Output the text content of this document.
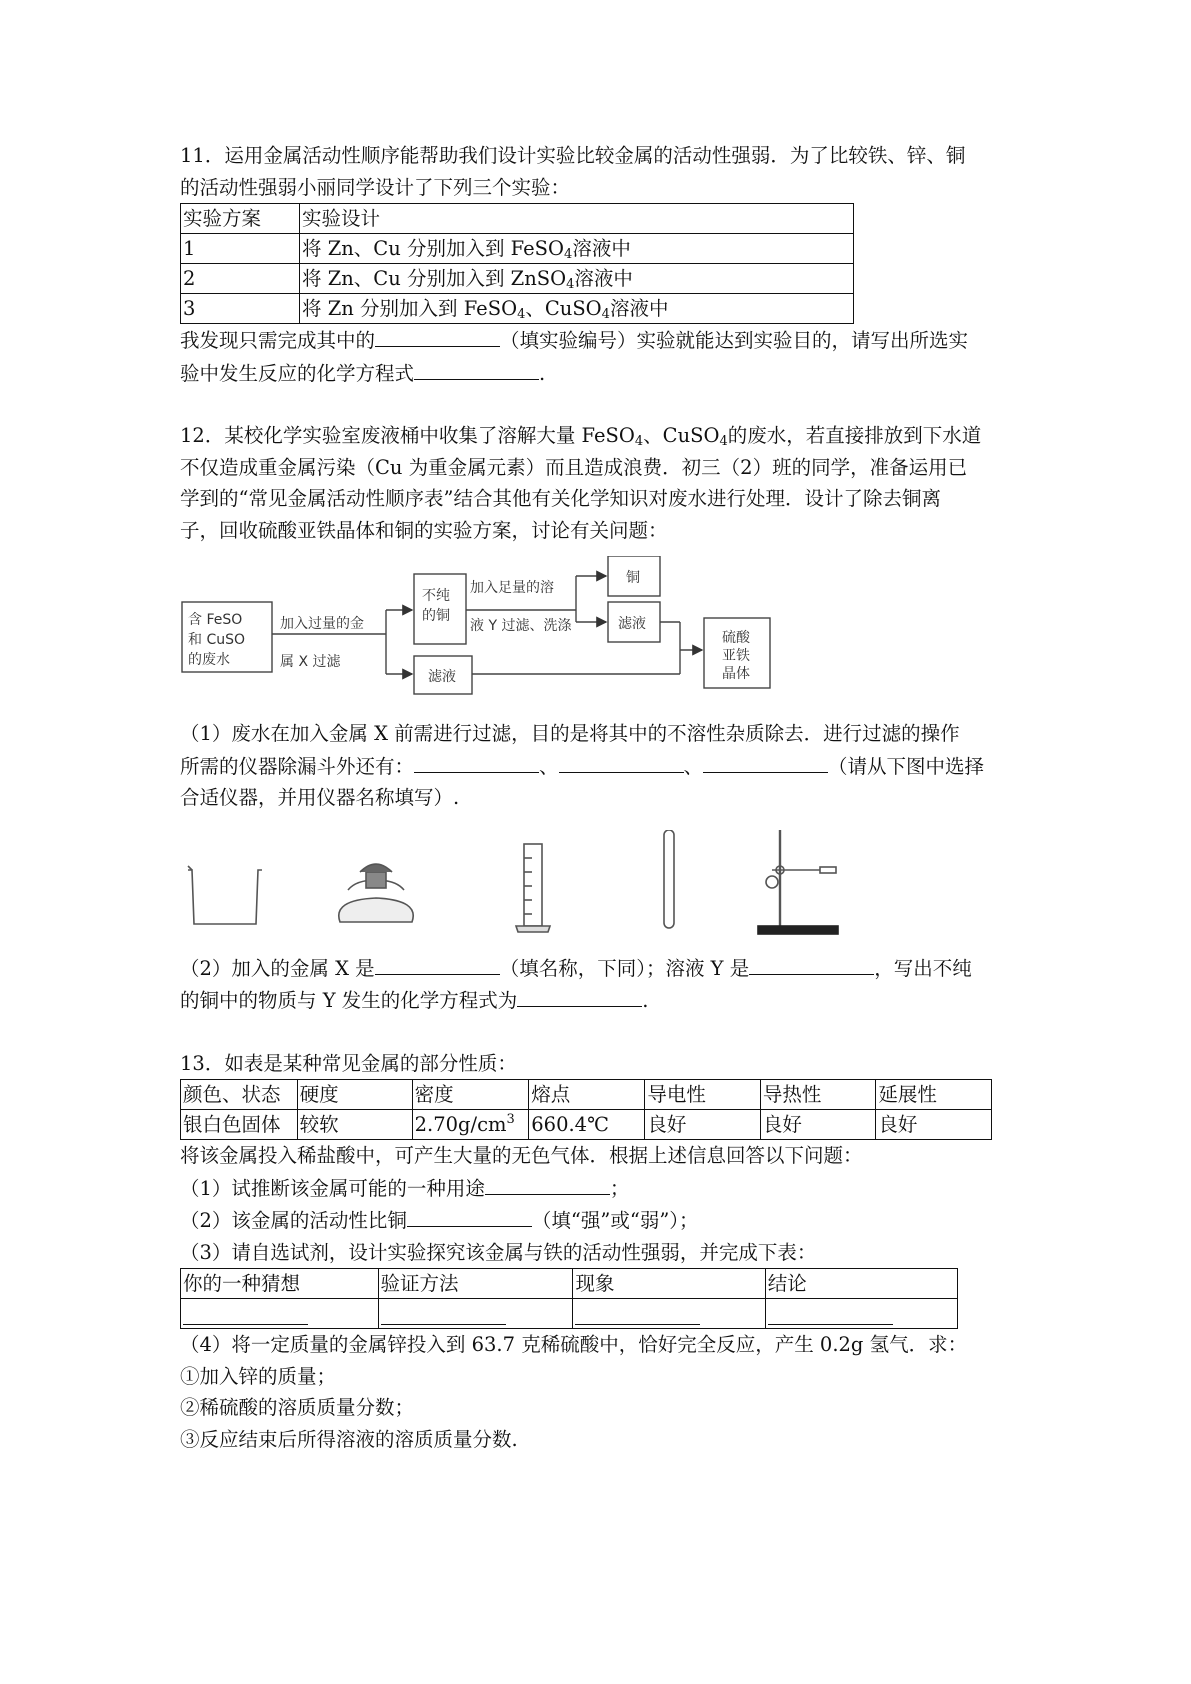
11．运用金属活动性顺序能帮助我们设计实验比较金属的活动性强弱．为了比较铁、锌、铜

的活动性强弱小丽同学设计了下列三个实验：

实验方案	实验设计
1	将 Zn、Cu 分别加入到 FeSO$_4$溶液中
2	将 Zn、Cu 分别加入到 ZnSO$_4$溶液中
3	将 Zn 分别加入到 FeSO$_4$、CuSO$_4$溶液中

我发现只需完成其中的	（填实验编号）实验就能达到实验目的，请写出所选实

验中发生反应的化学方程式	.

12．某校化学实验室废液桶中收集了溶解大量 FeSO$_4$、CuSO$_4$的废水，若直接排放到下水道

不仅造成重金属污染（Cu 为重金属元素）而且造成浪费．初三（2）班的同学，准备运用已

学到的“常见金属活动性顺序表”结合其他有关化学知识对废水进行处理．设计了除去铜离

子，回收硫酸亚铁晶体和铜的实验方案，讨论有关问题：

含 FeSO
和 CuSO
的废水
加入过量的金
属 X 过滤
不纯
的铜
加入足量的溶
液 Y 过滤、洗涤
铜
滤液
滤液
硫酸
亚铁
晶体

（1）废水在加入金属 X 前需进行过滤，目的是将其中的不溶性杂质除去．进行过滤的操作

所需的仪器除漏斗外还有：	、	、	（请从下图中选择

合适仪器，并用仪器名称填写）.

（2）加入的金属 X 是	（填名称，下同）；溶液 Y 是	，写出不纯

的铜中的物质与 Y 发生的化学方程式为	.

13．如表是某种常见金属的部分性质：

颜色、状态	硬度	密度	熔点	导电性	导热性	延展性
银白色固体	较软	$2.70g/cm^3$	660.4℃	良好	良好	良好

将该金属投入稀盐酸中，可产生大量的无色气体．根据上述信息回答以下问题：

（1）试推断该金属可能的一种用途	；

（2）该金属的活动性比铜	（填“强”或“弱”）；

（3）请自选试剂，设计实验探究该金属与铁的活动性强弱，并完成下表：

你的一种猜想	验证方法	现象	结论

（4）将一定质量的金属锌投入到 63.7 克稀硫酸中，恰好完全反应，产生 0.2g 氢气．求：

①加入锌的质量；

②稀硫酸的溶质质量分数；

③反应结束后所得溶液的溶质质量分数.
